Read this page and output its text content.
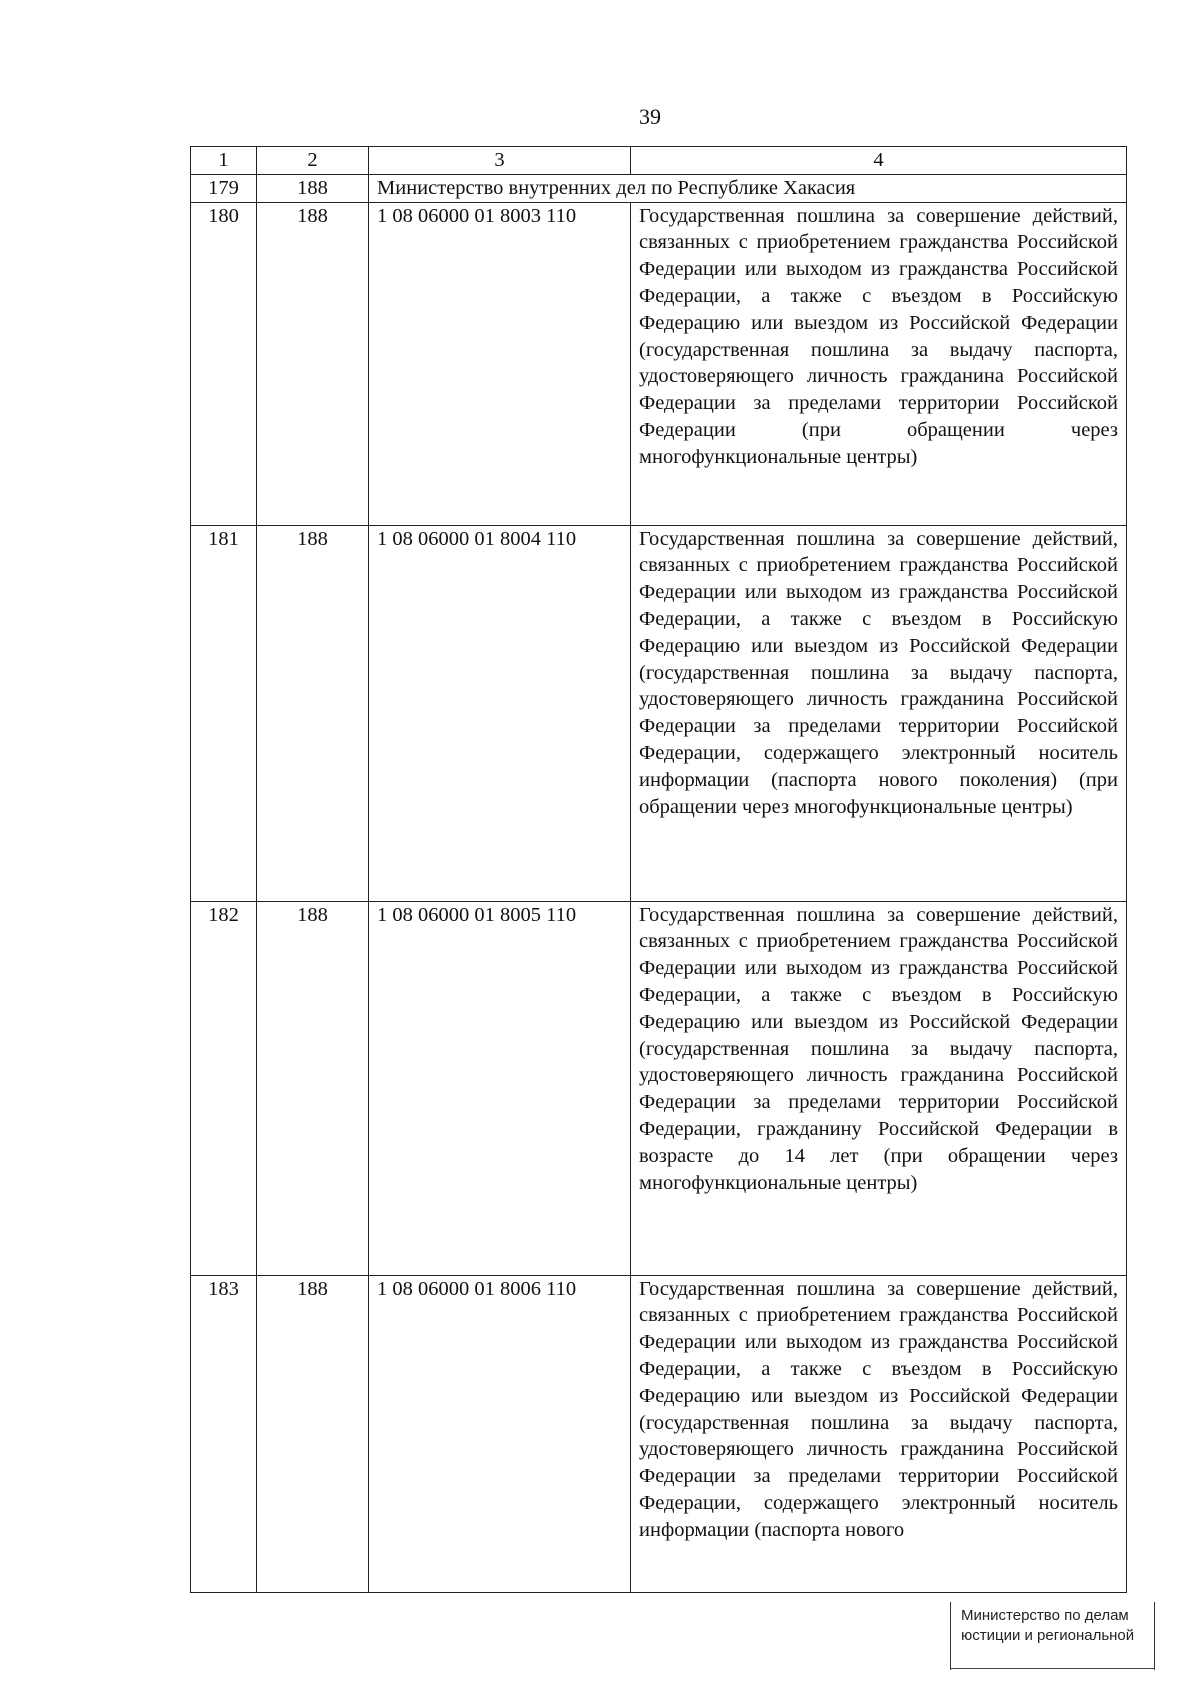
39
1	2	3	4
179	188	Министерство внутренних дел по Республике Хакасия	
180	188	1 08 06000 01 8003 110	Государственная пошлина за совершение действий, связанных с приобретением гражданства Российской Федерации или выходом из гражданства Российской Федерации, а также с въездом в Российскую Федерацию или выездом из Российской Федерации (государственная пошлина за выдачу паспорта, удостоверяющего личность гражданина Российской Федерации за пределами территории Российской Федерации (при обращении через многофункциональные центры)
181	188	1 08 06000 01 8004 110	Государственная пошлина за совершение действий, связанных с приобретением гражданства Российской Федерации или выходом из гражданства Российской Федерации, а также с въездом в Российскую Федерацию или выездом из Российской Федерации (государственная пошлина за выдачу паспорта, удостоверяющего личность гражданина Российской Федерации за пределами территории Российской Федерации, содержащего электронный носитель информации (паспорта нового поколения) (при обращении через многофункциональные центры)
182	188	1 08 06000 01 8005 110	Государственная пошлина за совершение действий, связанных с приобретением гражданства Российской Федерации или выходом из гражданства Российской Федерации, а также с въездом в Российскую Федерацию или выездом из Российской Федерации (государственная пошлина за выдачу паспорта, удостоверяющего личность гражданина Российской Федерации за пределами территории Российской Федерации, гражданину Российской Федерации в возрасте до 14 лет (при обращении через многофункциональные центры)
183	188	1 08 06000 01 8006 110	Государственная пошлина за совершение действий, связанных с приобретением гражданства Российской Федерации или выходом из гражданства Российской Федерации, а также с въездом в Российскую Федерацию или выездом из Российской Федерации (государственная пошлина за выдачу паспорта, удостоверяющего личность гражданина Российской Федерации за пределами территории Российской Федерации, содержащего электронный носитель информации (паспорта нового
Министерство по делам
юстиции и региональной
